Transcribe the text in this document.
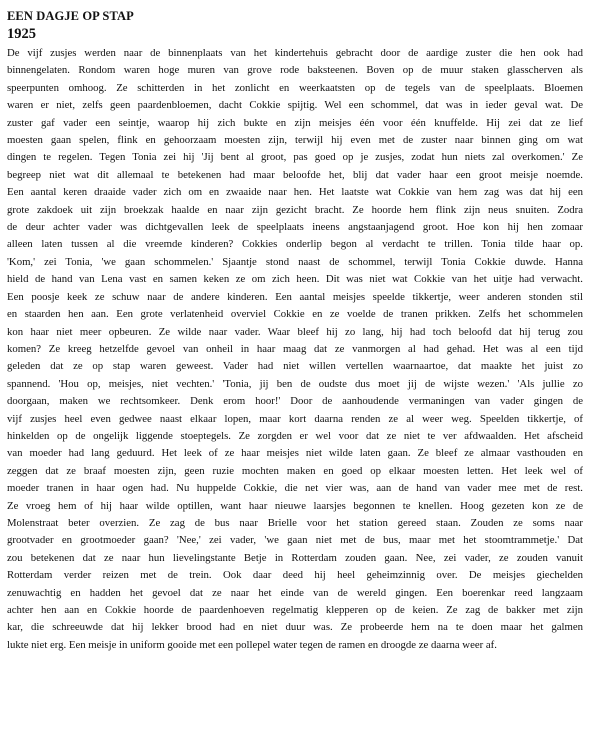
EEN DAGJE OP STAP
1925
De vijf zusjes werden naar de binnenplaats van het kindertehuis gebracht door de aardige zuster die hen ook had
binnengelaten. Rondom waren hoge muren van grove rode baksteenen. Boven op de muur staken glasscherven als
speerpunten omhoog. Ze schitterden in het zonlicht en weerkaatsten op de tegels van de speelplaats. Bloemen
waren er niet, zelfs geen paardenbloemen, dacht Cokkie spijtig. Wel een schommel, dat was in ieder geval wat. De
zuster gaf vader een seintje, waarop hij zich bukte en zijn meisjes één voor één knuffelde. Hij zei dat ze lief
moesten gaan spelen, flink en gehoorzaam moesten zijn, terwijl hij even met de zuster naar binnen ging om wat
dingen te regelen. Tegen Tonia zei hij 'Jij bent al groot, pas goed op je zusjes, zodat hun niets zal overkomen.' Ze
begreep niet wat dit allemaal te betekenen had maar beloofde het, blij dat vader haar een groot meisje noemde.
Een aantal keren draaide vader zich om en zwaaide naar hen. Het laatste wat Cokkie van hem zag was dat hij een
grote zakdoek uit zijn broekzak haalde en naar zijn gezicht bracht. Ze hoorde hem flink zijn neus snuiten. Zodra
de deur achter vader was dichtgevallen leek de speelplaats ineens angstaanjagend groot. Hoe kon hij hen zomaar
alleen laten tussen al die vreemde kinderen? Cokkies onderlip begon al verdacht te trillen. Tonia tilde haar op.
'Kom,' zei Tonia, 'we gaan schommelen.' Sjaantje stond naast de schommel, terwijl Tonia Cokkie duwde. Hanna
hield de hand van Lena vast en samen keken ze om zich heen. Dit was niet wat Cokkie van het uitje had verwacht.
Een poosje keek ze schuw naar de andere kinderen. Een aantal meisjes speelde tikkertje, weer anderen stonden stil
en staarden hen aan. Een grote verlatenheid overviel Cokkie en ze voelde de tranen prikken. Zelfs het schommelen
kon haar niet meer opbeuren. Ze wilde naar vader. Waar bleef hij zo lang, hij had toch beloofd dat hij terug zou
komen? Ze kreeg hetzelfde gevoel van onheil in haar maag dat ze vanmorgen al had gehad. Het was al een tijd
geleden dat ze op stap waren geweest. Vader had niet willen vertellen waarnaartoe, dat maakte het juist zo
spannend. 'Hou op, meisjes, niet vechten.' 'Tonia, jij ben de oudste dus moet jij de wijste wezen.' 'Als jullie zo
doorgaan, maken we rechtsomkeer. Denk erom hoor!' Door de aanhoudende vermaningen van vader gingen de
vijf zusjes heel even gedwee naast elkaar lopen, maar kort daarna renden ze al weer weg. Speelden tikkertje, of
hinkelden op de ongelijk liggende stoeptegels. Ze zorgden er wel voor dat ze niet te ver afdwaalden. Het afscheid
van moeder had lang geduurd. Het leek of ze haar meisjes niet wilde laten gaan. Ze bleef ze almaar vasthouden en
zeggen dat ze braaf moesten zijn, geen ruzie mochten maken en goed op elkaar moesten letten. Het leek wel of
moeder tranen in haar ogen had. Nu huppelde Cokkie, die net vier was, aan de hand van vader mee met de rest.
Ze vroeg hem of hij haar wilde optillen, want haar nieuwe laarsjes begonnen te knellen. Hoog gezeten kon ze de
Molenstraat beter overzien. Ze zag de bus naar Brielle voor het station gereed staan. Zouden ze soms naar
grootvader en grootmoeder gaan? 'Nee,' zei vader, 'we gaan niet met de bus, maar met het stoomtrammetje.' Dat
zou betekenen dat ze naar hun lievelingstante Betje in Rotterdam zouden gaan. Nee, zei vader, ze zouden vanuit
Rotterdam verder reizen met de trein. Ook daar deed hij heel geheimzinnig over. De meisjes giechelden
zenuwachtig en hadden het gevoel dat ze naar het einde van de wereld gingen. Een boerenkar reed langzaam
achter hen aan en Cokkie hoorde de paardenhoeven regelmatig klepperen op de keien. Ze zag de bakker met zijn
kar, die schreeuwde dat hij lekker brood had en niet duur was. Ze probeerde hem na te doen maar het galmen
lukte niet erg. Een meisje in uniform gooide met een pollepel water tegen de ramen en droogde ze daarna weer af.
